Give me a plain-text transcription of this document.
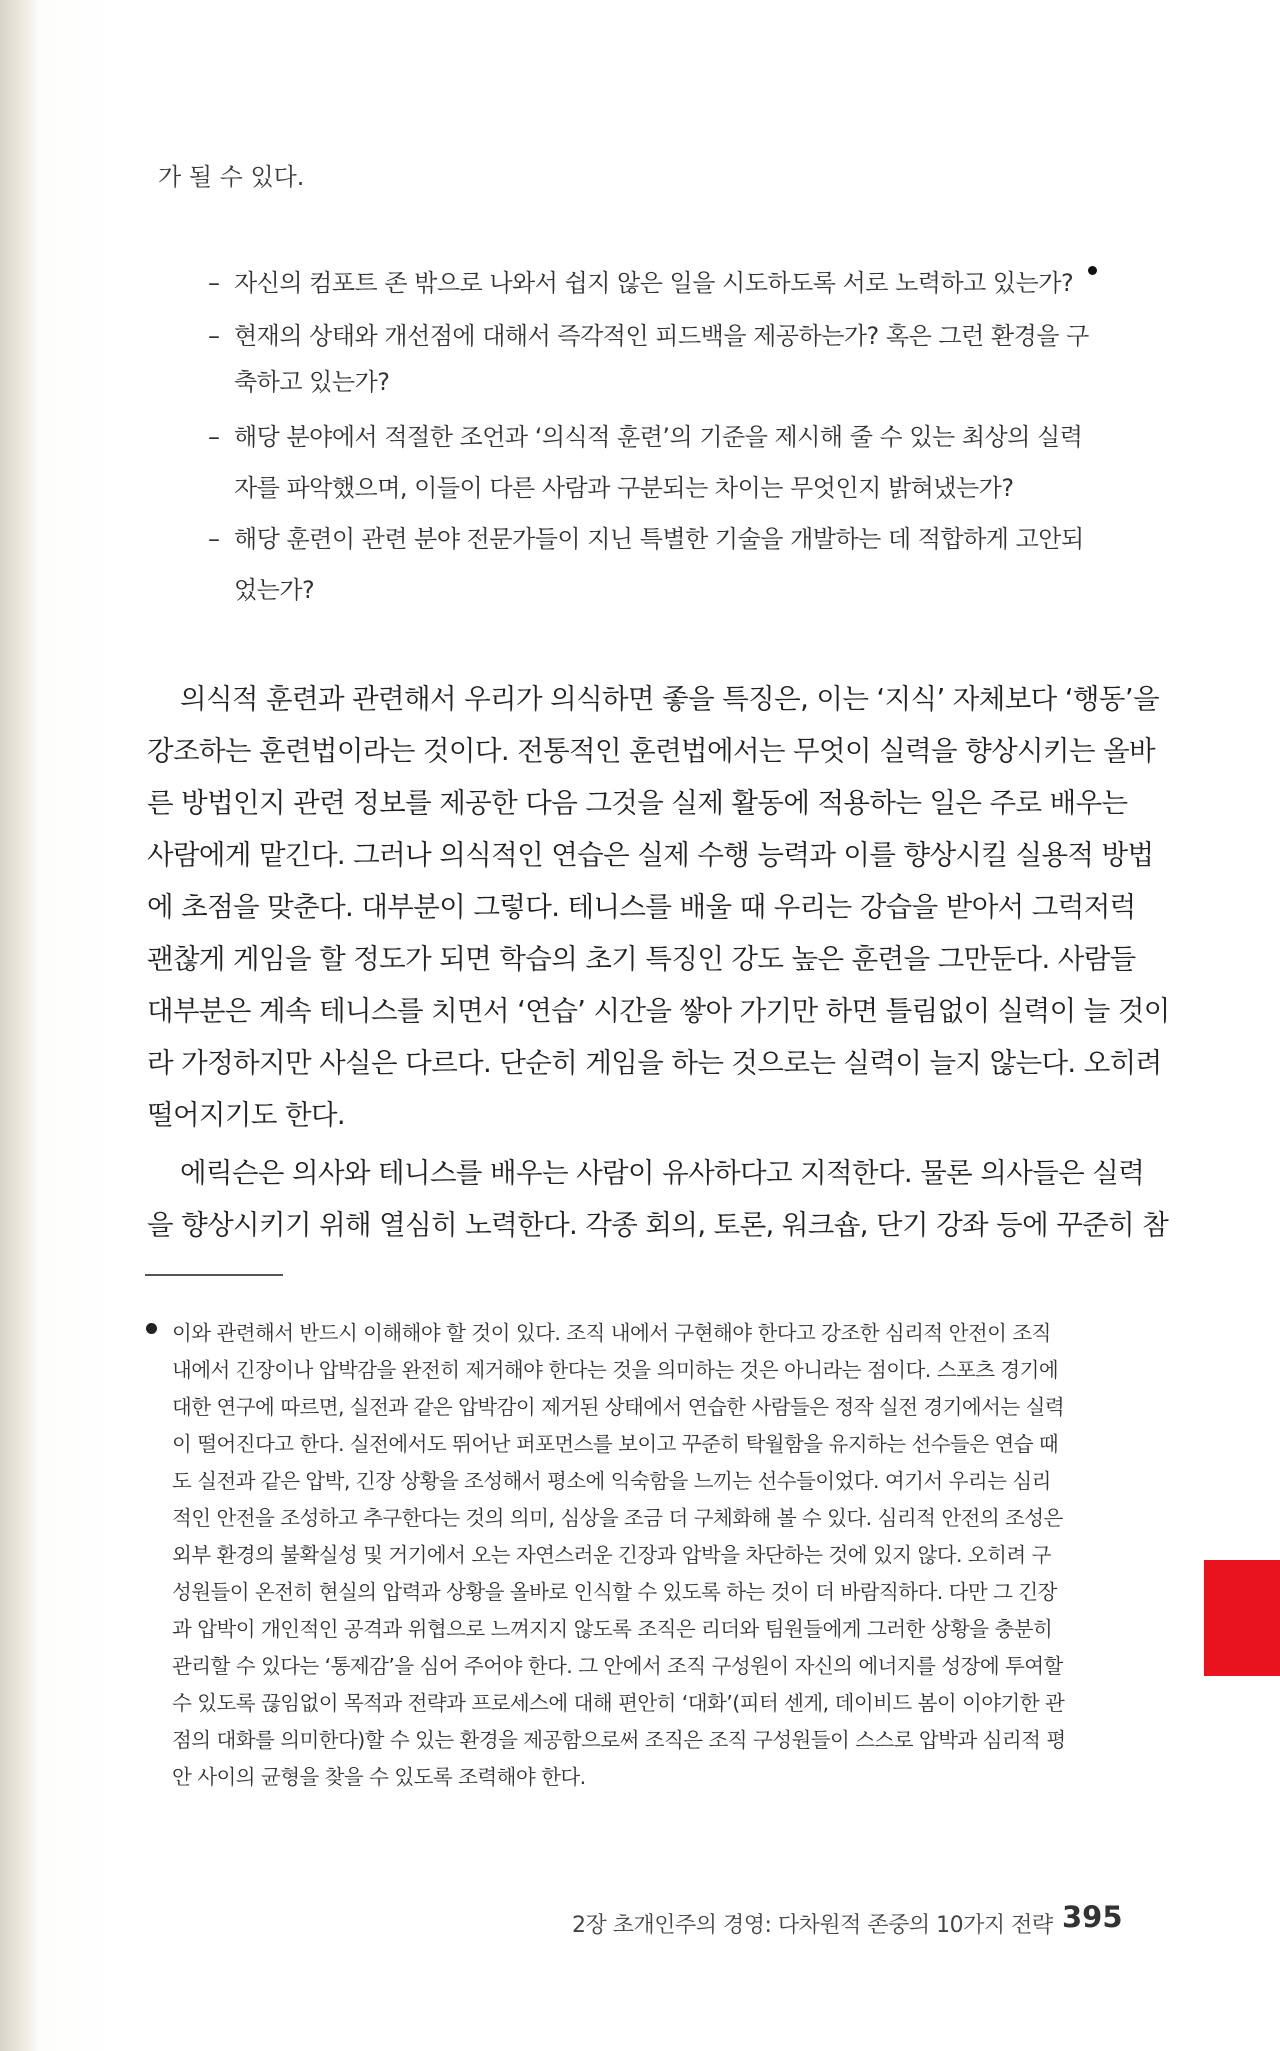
가 될 수 있다.
– 자신의 컴포트 존 밖으로 나와서 쉽지 않은 일을 시도하도록 서로 노력하고 있는가?
– 현재의 상태와 개선점에 대해서 즉각적인 피드백을 제공하는가? 혹은 그런 환경을 구
축하고 있는가?
– 해당 분야에서 적절한 조언과 ‘의식적 훈련’의 기준을 제시해 줄 수 있는 최상의 실력
자를 파악했으며, 이들이 다른 사람과 구분되는 차이는 무엇인지 밝혀냈는가?
– 해당 훈련이 관련 분야 전문가들이 지닌 특별한 기술을 개발하는 데 적합하게 고안되
었는가?
의식적 훈련과 관련해서 우리가 의식하면 좋을 특징은, 이는 ‘지식’ 자체보다 ‘행동’을
강조하는 훈련법이라는 것이다. 전통적인 훈련법에서는 무엇이 실력을 향상시키는 올바
른 방법인지 관련 정보를 제공한 다음 그것을 실제 활동에 적용하는 일은 주로 배우는
사람에게 맡긴다. 그러나 의식적인 연습은 실제 수행 능력과 이를 향상시킬 실용적 방법
에 초점을 맞춘다. 대부분이 그렇다. 테니스를 배울 때 우리는 강습을 받아서 그럭저럭
괜찮게 게임을 할 정도가 되면 학습의 초기 특징인 강도 높은 훈련을 그만둔다. 사람들
대부분은 계속 테니스를 치면서 ‘연습’ 시간을 쌓아 가기만 하면 틀림없이 실력이 늘 것이
라 가정하지만 사실은 다르다. 단순히 게임을 하는 것으로는 실력이 늘지 않는다. 오히려
떨어지기도 한다.
에릭슨은 의사와 테니스를 배우는 사람이 유사하다고 지적한다. 물론 의사들은 실력
을 향상시키기 위해 열심히 노력한다. 각종 회의, 토론, 워크숍, 단기 강좌 등에 꾸준히 참
이와 관련해서 반드시 이해해야 할 것이 있다. 조직 내에서 구현해야 한다고 강조한 심리적 안전이 조직
내에서 긴장이나 압박감을 완전히 제거해야 한다는 것을 의미하는 것은 아니라는 점이다. 스포츠 경기에
대한 연구에 따르면, 실전과 같은 압박감이 제거된 상태에서 연습한 사람들은 정작 실전 경기에서는 실력
이 떨어진다고 한다. 실전에서도 뛰어난 퍼포먼스를 보이고 꾸준히 탁월함을 유지하는 선수들은 연습 때
도 실전과 같은 압박, 긴장 상황을 조성해서 평소에 익숙함을 느끼는 선수들이었다. 여기서 우리는 심리
적인 안전을 조성하고 추구한다는 것의 의미, 심상을 조금 더 구체화해 볼 수 있다. 심리적 안전의 조성은
외부 환경의 불확실성 및 거기에서 오는 자연스러운 긴장과 압박을 차단하는 것에 있지 않다. 오히려 구
성원들이 온전히 현실의 압력과 상황을 올바로 인식할 수 있도록 하는 것이 더 바람직하다. 다만 그 긴장
과 압박이 개인적인 공격과 위협으로 느껴지지 않도록 조직은 리더와 팀원들에게 그러한 상황을 충분히
관리할 수 있다는 ‘통제감’을 심어 주어야 한다. 그 안에서 조직 구성원이 자신의 에너지를 성장에 투여할
수 있도록 끊임없이 목적과 전략과 프로세스에 대해 편안히 ‘대화’(피터 센게, 데이비드 봄이 이야기한 관
점의 대화를 의미한다)할 수 있는 환경을 제공함으로써 조직은 조직 구성원들이 스스로 압박과 심리적 평
안 사이의 균형을 찾을 수 있도록 조력해야 한다.
2장 초개인주의 경영: 다차원적 존중의 10가지 전략 395
